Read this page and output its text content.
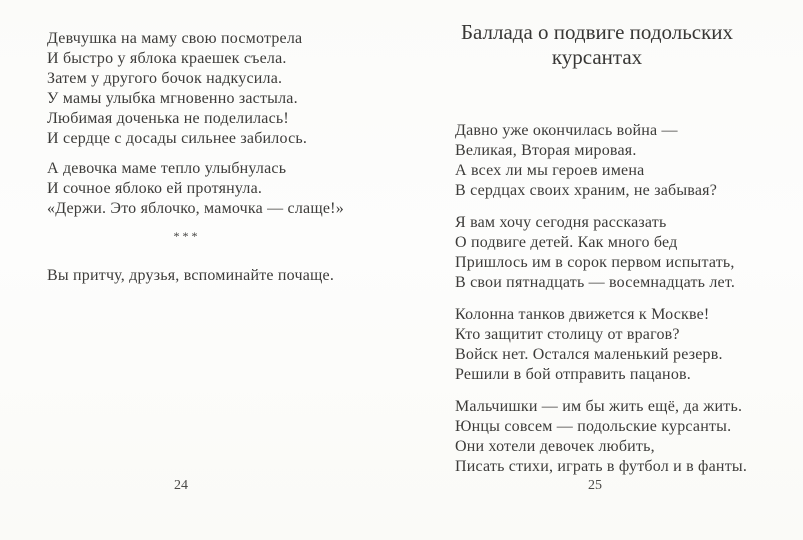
Девчушка на маму свою посмотрела
И быстро у яблока краешек съела.
Затем у другого бочок надкусила.
У мамы улыбка мгновенно застыла.
Любимая доченька не поделилась!
И сердце с досады сильнее забилось.
А девочка маме тепло улыбнулась
И сочное яблоко ей протянула.
«Держи. Это яблочко, мамочка — слаще!»
***
Вы притчу, друзья, вспоминайте почаще.
24
Баллада о подвиге подольских
курсантах
Давно уже окончилась война —
Великая, Вторая мировая.
А всех ли мы героев имена
В сердцах своих храним, не забывая?
Я вам хочу сегодня рассказать
О подвиге детей. Как много бед
Пришлось им в сорок первом испытать,
В свои пятнадцать — восемнадцать лет.
Колонна танков движется к Москве!
Кто защитит столицу от врагов?
Войск нет. Остался маленький резерв.
Решили в бой отправить пацанов.
Мальчишки — им бы жить ещё, да жить.
Юнцы совсем — подольские курсанты.
Они хотели девочек любить,
Писать стихи, играть в футбол и в фанты.
25
